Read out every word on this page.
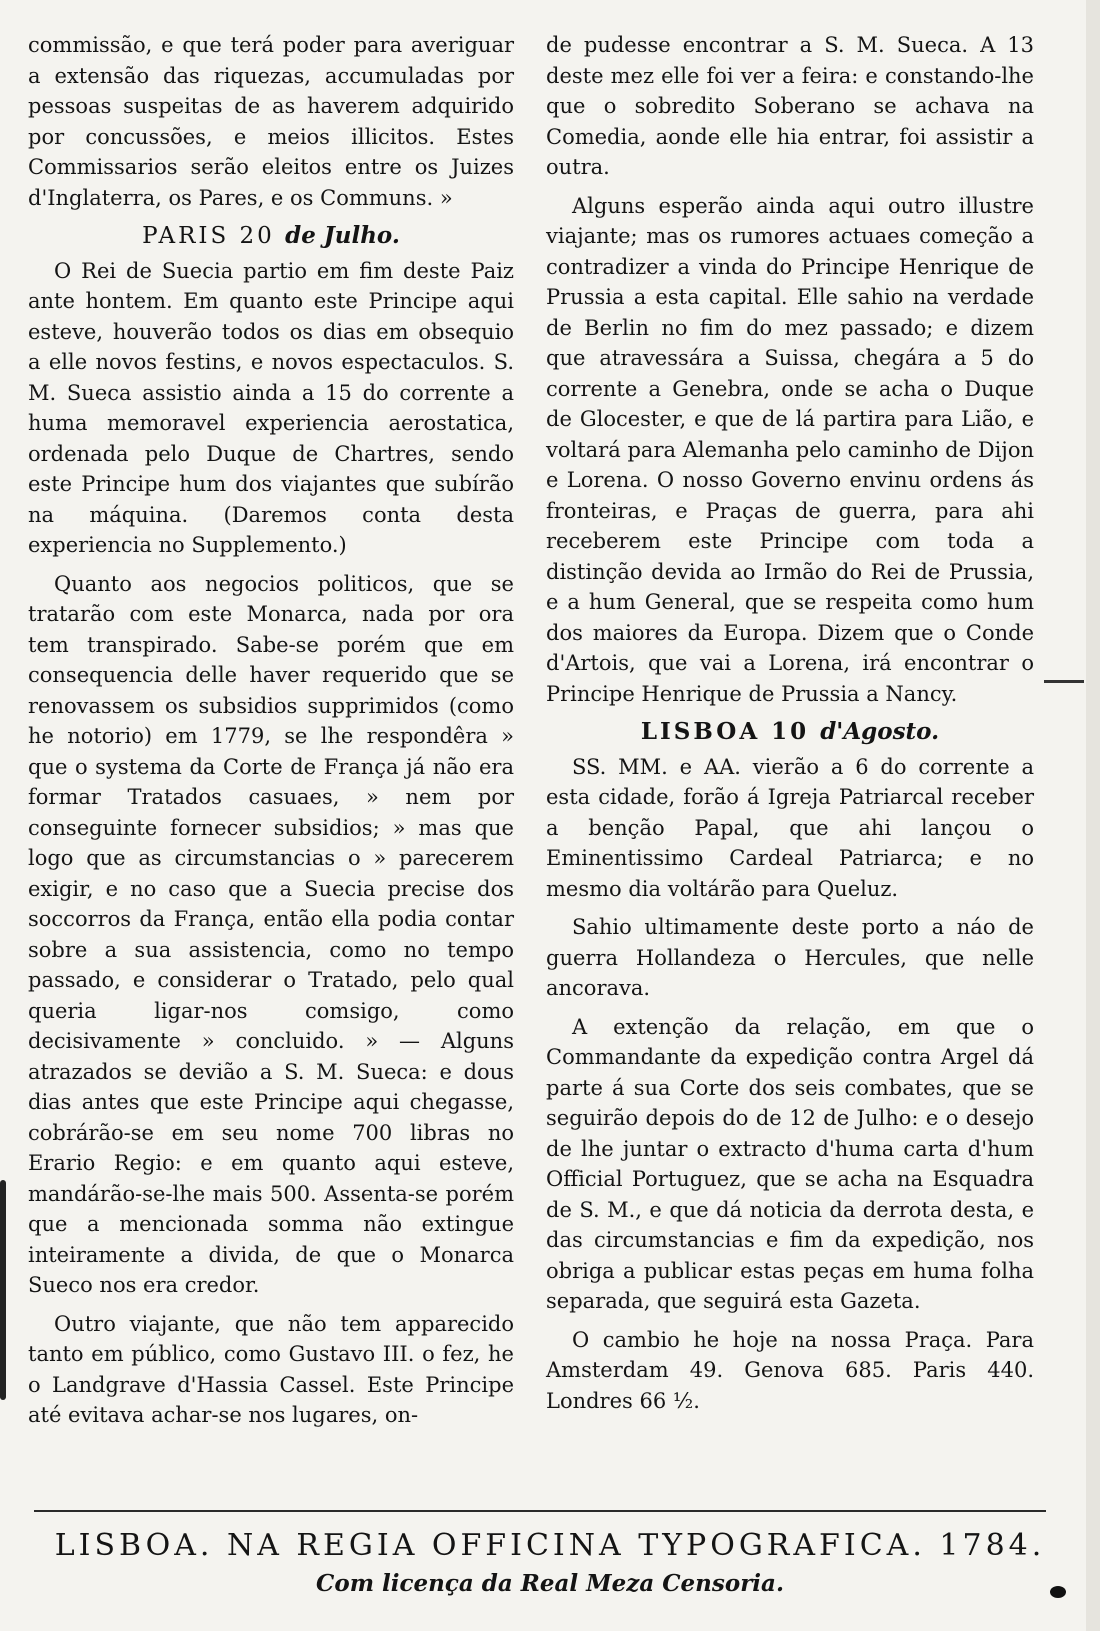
commissão, e que terá poder para averiguar a extensão das riquezas, accumuladas por pessoas suspeitas de as haverem adquirido por concussões, e meios illicitos. Estes Commissarios serão eleitos entre os Juizes d'Inglaterra, os Pares, e os Communs. »

PARIS 20 de Julho.

O Rei de Suecia partio em fim deste Paiz ante hontem. Em quanto este Principe aqui esteve, houverão todos os dias em obsequio a elle novos festins, e novos espectaculos. S. M. Sueca assistio ainda a 15 do corrente a huma memoravel experiencia aerostatica, ordenada pelo Duque de Chartres, sendo este Principe hum dos viajantes que subírão na máquina. (Daremos conta desta experiencia no Supplemento.)

Quanto aos negocios politicos, que se tratarão com este Monarca, nada por ora tem transpirado. Sabe-se porém que em consequencia delle haver requerido que se renovassem os subsidios supprimidos (como he notorio) em 1779, se lhe respondêra » que o systema da Corte de França já não era formar Tratados casuaes, » nem por conseguinte fornecer subsidios; » mas que logo que as circumstancias o » parecerem exigir, e no caso que a Suecia precise dos soccorros da França, então ella podia contar sobre a sua assistencia, como no tempo passado, e considerar o Tratado, pelo qual queria ligar-nos comsigo, como decisivamente » concluido. » — Alguns atrazados se devião a S. M. Sueca: e dous dias antes que este Principe aqui chegasse, cobrárão-se em seu nome 700 libras no Erario Regio: e em quanto aqui esteve, mandárão-se-lhe mais 500. Assenta-se porém que a mencionada somma não extingue inteiramente a divida, de que o Monarca Sueco nos era credor.

Outro viajante, que não tem apparecido tanto em público, como Gustavo III. o fez, he o Landgrave d'Hassia Cassel. Este Principe até evitava achar-se nos lugares, on-

de pudesse encontrar a S. M. Sueca. A 13 deste mez elle foi ver a feira: e constando-lhe que o sobredito Soberano se achava na Comedia, aonde elle hia entrar, foi assistir a outra.

Alguns esperão ainda aqui outro illustre viajante; mas os rumores actuaes começão a contradizer a vinda do Principe Henrique de Prussia a esta capital. Elle sahio na verdade de Berlin no fim do mez passado; e dizem que atravessára a Suissa, chegára a 5 do corrente a Genebra, onde se acha o Duque de Glocester, e que de lá partira para Lião, e voltará para Alemanha pelo caminho de Dijon e Lorena. O nosso Governo envinu ordens ás fronteiras, e Praças de guerra, para ahi receberem este Principe com toda a distinção devida ao Irmão do Rei de Prussia, e a hum General, que se respeita como hum dos maiores da Europa. Dizem que o Conde d'Artois, que vai a Lorena, irá encontrar o Principe Henrique de Prussia a Nancy.

LISBOA 10 d'Agosto.

SS. MM. e AA. vierão a 6 do corrente a esta cidade, forão á Igreja Patriarcal receber a benção Papal, que ahi lançou o Eminentissimo Cardeal Patriarca; e no mesmo dia voltárão para Queluz.

Sahio ultimamente deste porto a náo de guerra Hollandeza o Hercules, que nelle ancorava.

A extenção da relação, em que o Commandante da expedição contra Argel dá parte á sua Corte dos seis combates, que se seguirão depois do de 12 de Julho: e o desejo de lhe juntar o extracto d'huma carta d'hum Official Portuguez, que se acha na Esquadra de S. M., e que dá noticia da derrota desta, e das circumstancias e fim da expedição, nos obriga a publicar estas peças em huma folha separada, que seguirá esta Gazeta.

O cambio he hoje na nossa Praça. Para Amsterdam 49. Genova 685. Paris 440. Londres 66 ½.

LISBOA. NA REGIA OFFICINA TYPOGRAFICA. 1784.
Com licença da Real Meza Censoria.
